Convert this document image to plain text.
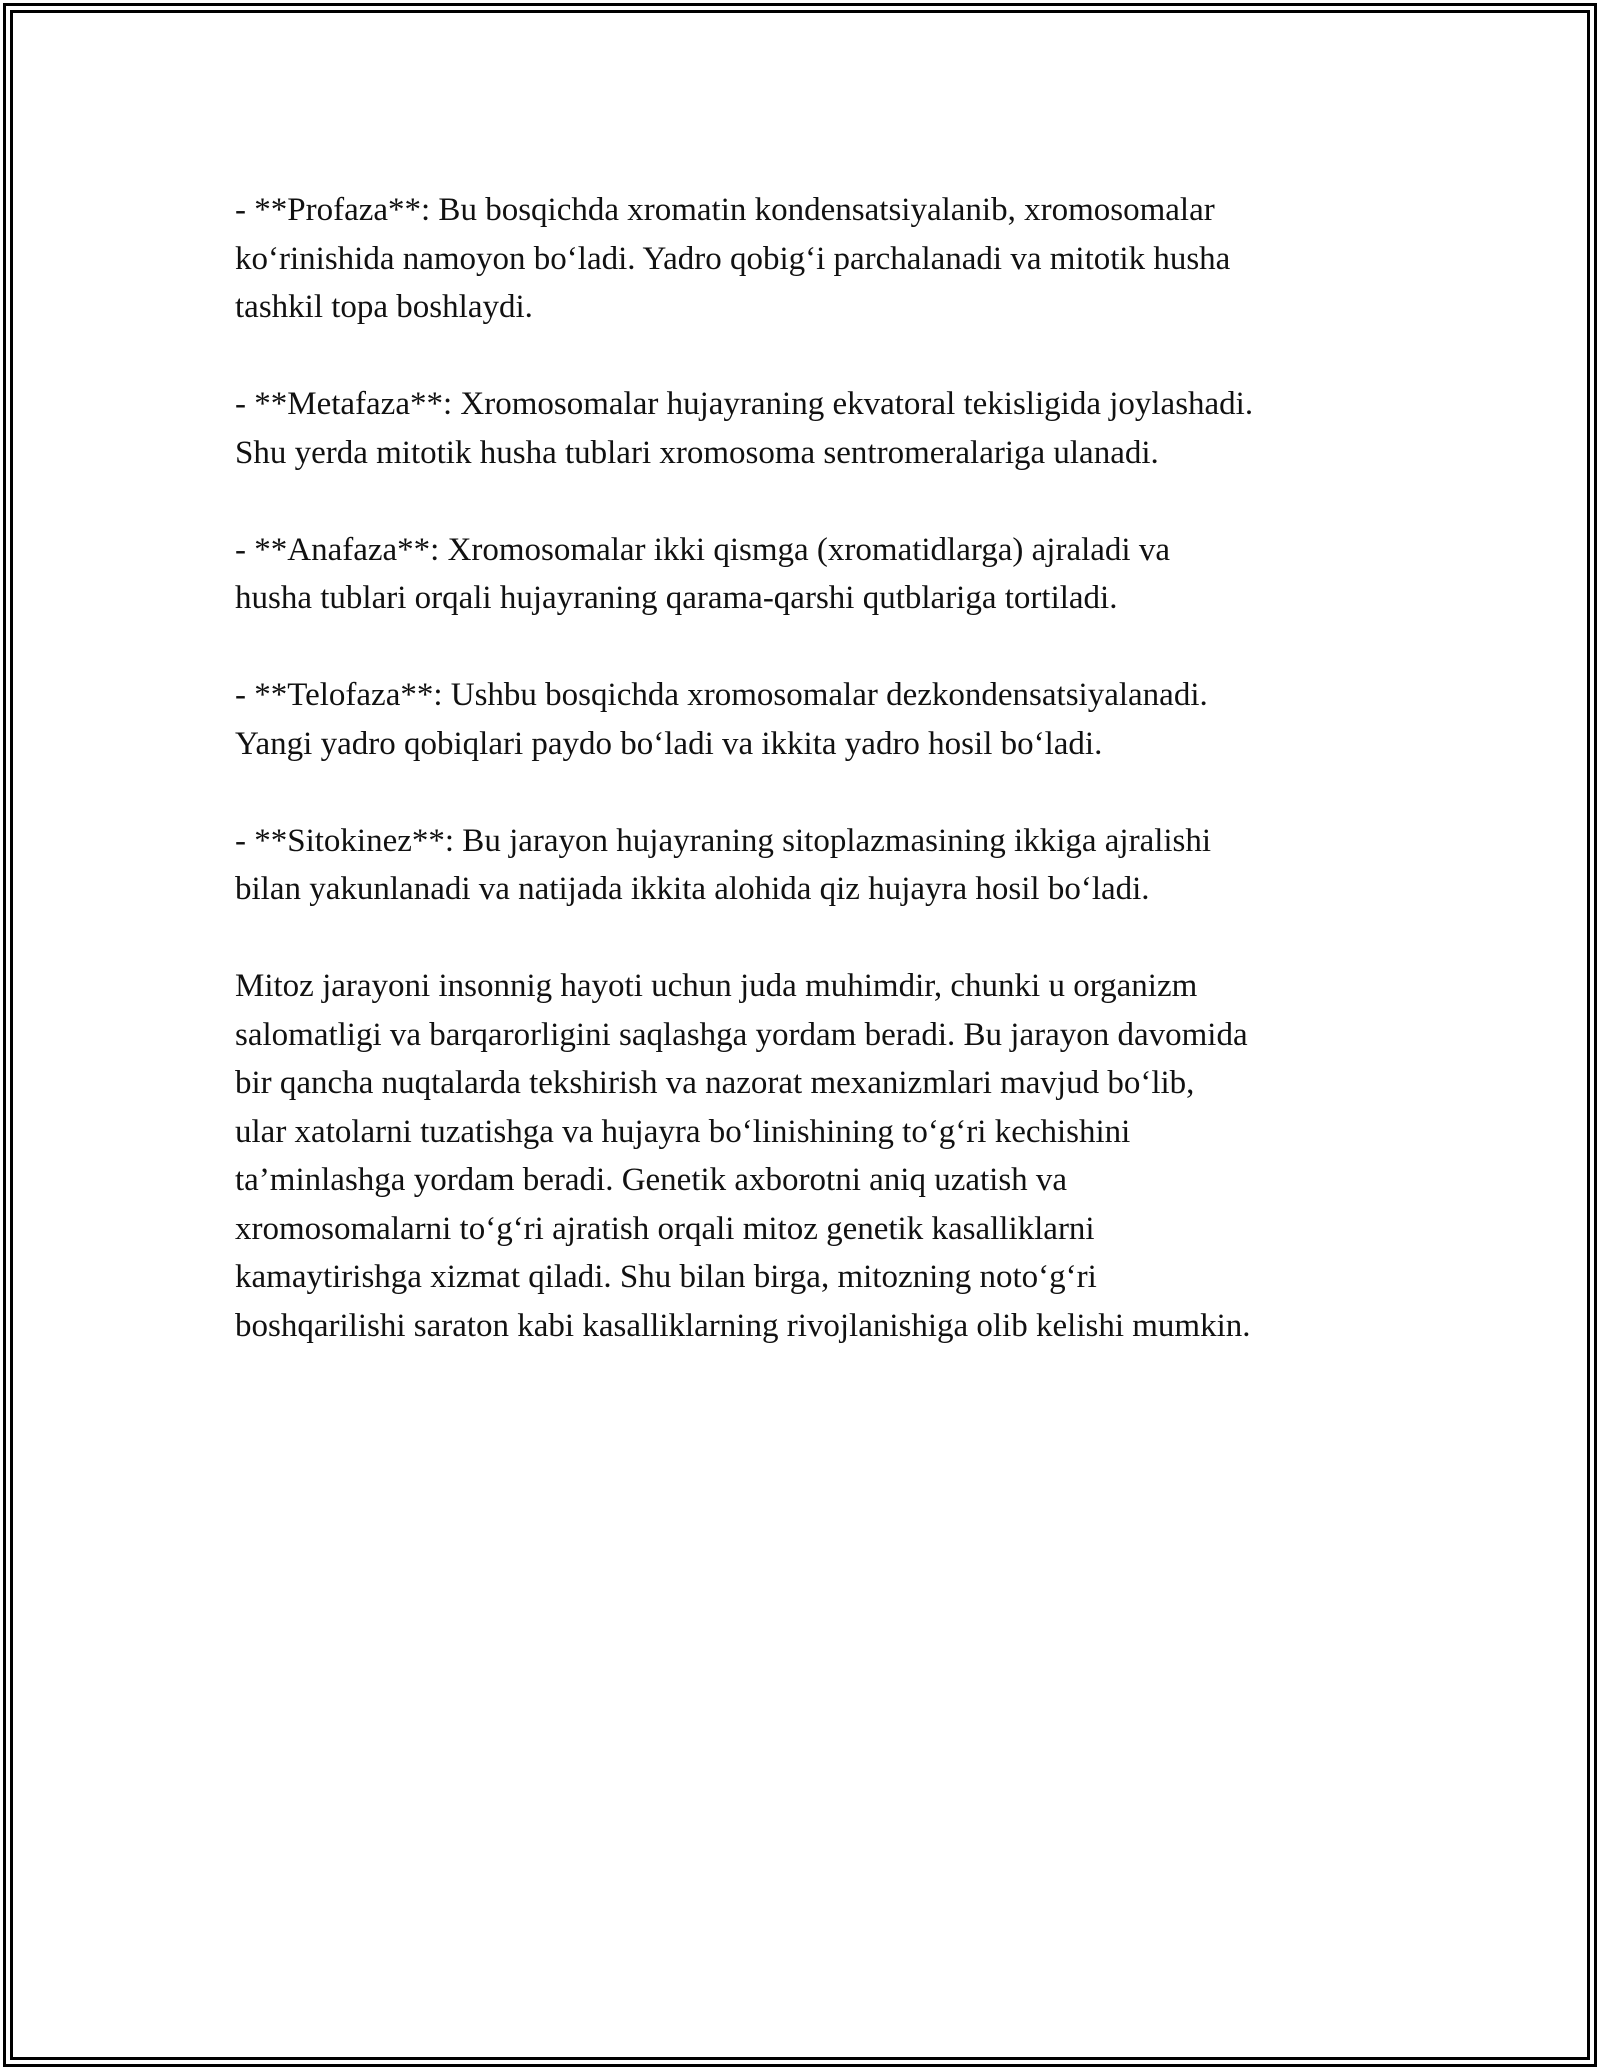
- **Profaza**: Bu bosqichda xromatin kondensatsiyalanib, xromosomalar
ko‘rinishida namoyon bo‘ladi. Yadro qobig‘i parchalanadi va mitotik husha
tashkil topa boshlaydi.

- **Metafaza**: Xromosomalar hujayraning ekvatoral tekisligida joylashadi.
Shu yerda mitotik husha tublari xromosoma sentromeralariga ulanadi.

- **Anafaza**: Xromosomalar ikki qismga (xromatidlarga) ajraladi va
husha tublari orqali hujayraning qarama-qarshi qutblariga tortiladi.

- **Telofaza**: Ushbu bosqichda xromosomalar dezkondensatsiyalanadi.
Yangi yadro qobiqlari paydo bo‘ladi va ikkita yadro hosil bo‘ladi.

- **Sitokinez**: Bu jarayon hujayraning sitoplazmasining ikkiga ajralishi
bilan yakunlanadi va natijada ikkita alohida qiz hujayra hosil bo‘ladi.

Mitoz jarayoni insonnig hayoti uchun juda muhimdir, chunki u organizm
salomatligi va barqarorligini saqlashga yordam beradi. Bu jarayon davomida
bir qancha nuqtalarda tekshirish va nazorat mexanizmlari mavjud bo‘lib,
ular xatolarni tuzatishga va hujayra bo‘linishining to‘g‘ri kechishini
ta’minlashga yordam beradi. Genetik axborotni aniq uzatish va
xromosomalarni to‘g‘ri ajratish orqali mitoz genetik kasalliklarni
kamaytirishga xizmat qiladi. Shu bilan birga, mitozning noto‘g‘ri
boshqarilishi saraton kabi kasalliklarning rivojlanishiga olib kelishi mumkin.
